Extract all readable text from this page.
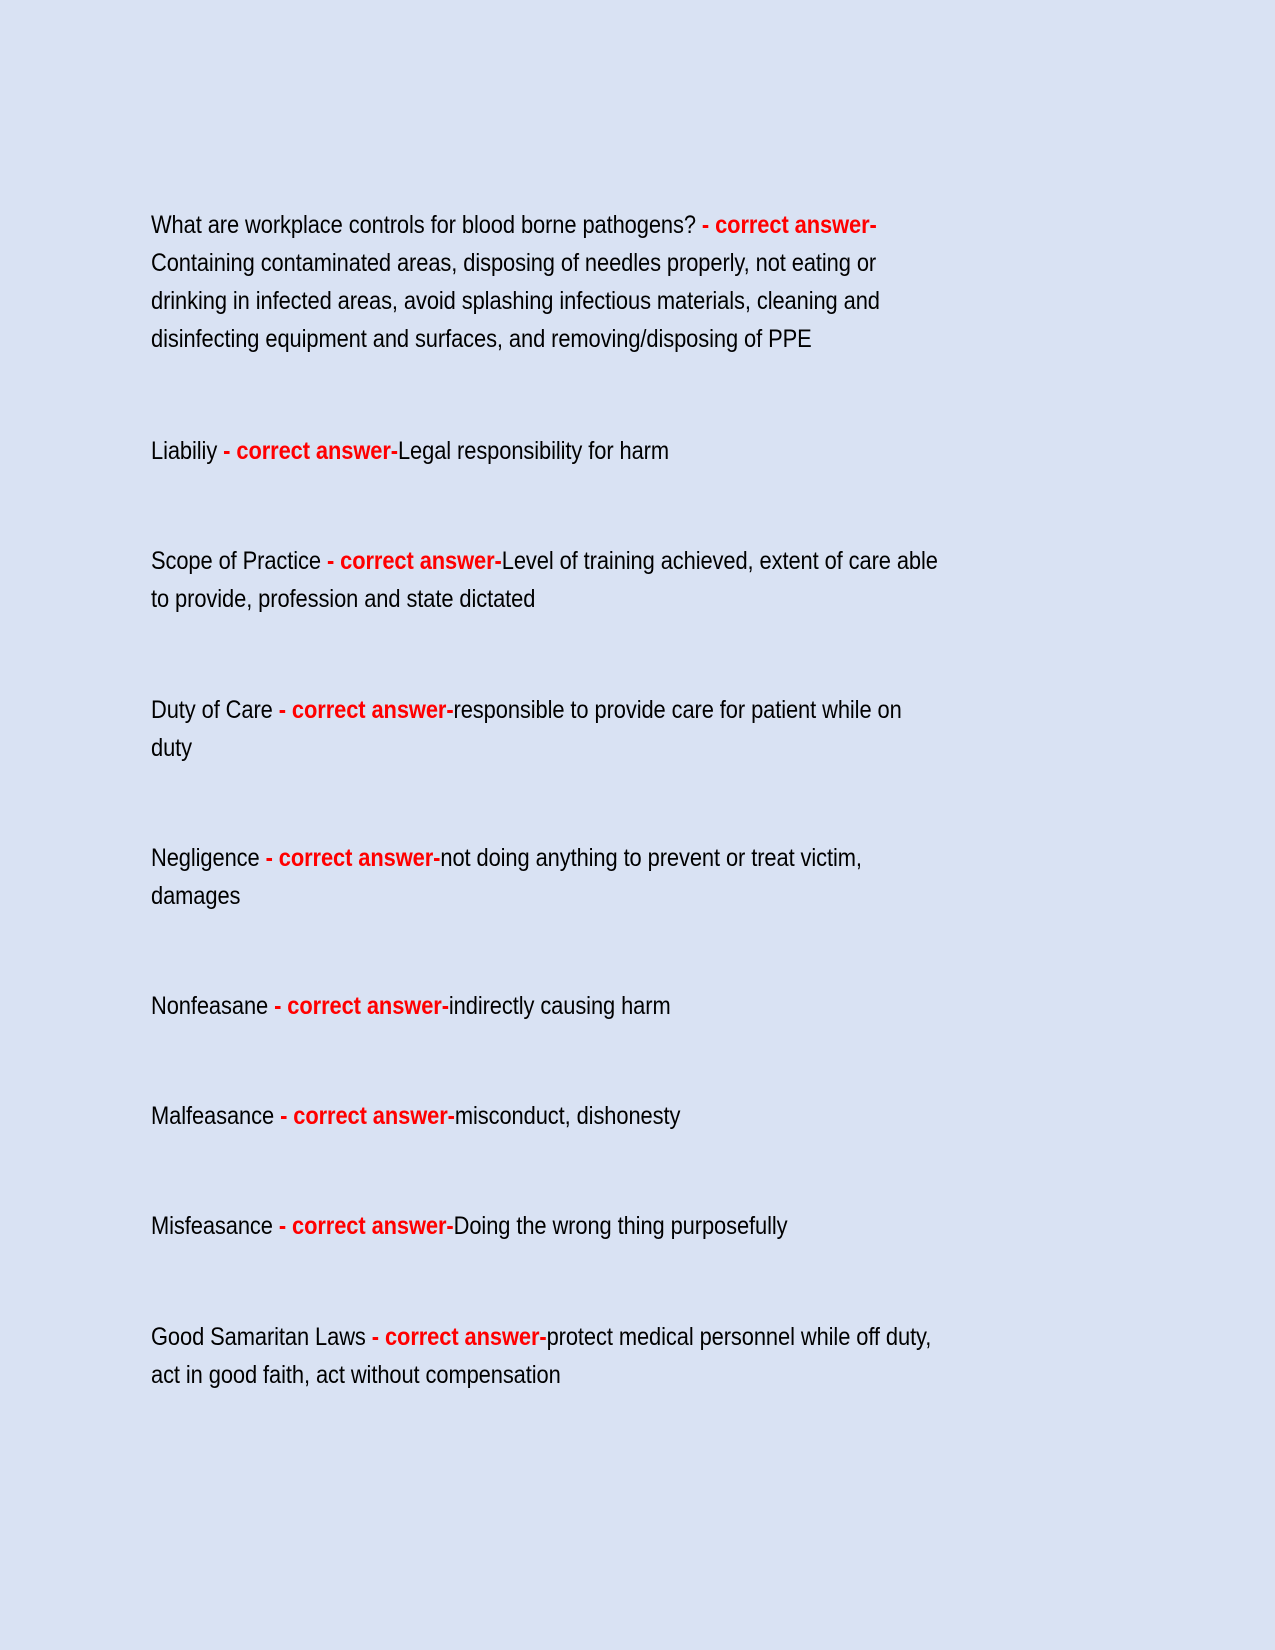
What are workplace controls for blood borne pathogens? - correct answer-
Containing contaminated areas, disposing of needles properly, not eating or
drinking in infected areas, avoid splashing infectious materials, cleaning and
disinfecting equipment and surfaces, and removing/disposing of PPE
Liabiliy - correct answer-Legal responsibility for harm
Scope of Practice - correct answer-Level of training achieved, extent of care able
to provide, profession and state dictated
Duty of Care - correct answer-responsible to provide care for patient while on
duty
Negligence - correct answer-not doing anything to prevent or treat victim,
damages
Nonfeasane - correct answer-indirectly causing harm
Malfeasance - correct answer-misconduct, dishonesty
Misfeasance - correct answer-Doing the wrong thing purposefully
Good Samaritan Laws - correct answer-protect medical personnel while off duty,
act in good faith, act without compensation
